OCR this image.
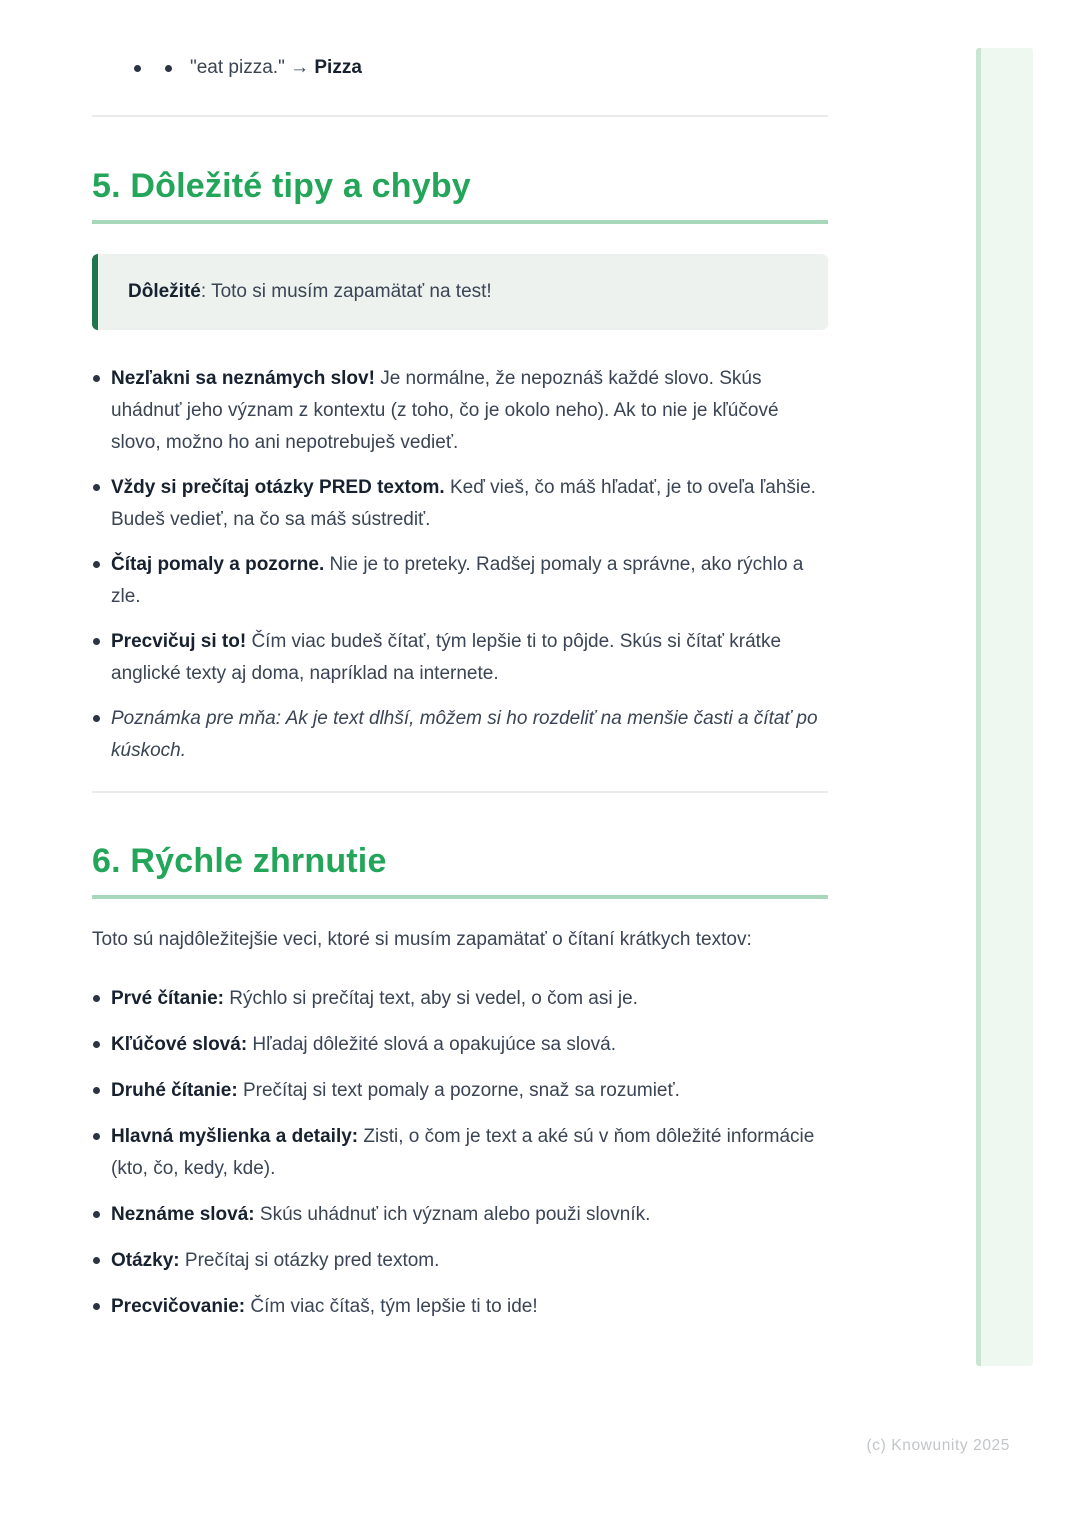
"eat pizza." → Pizza
5. Dôležité tipy a chyby
Dôležité: Toto si musím zapamätať na test!
Nezľakni sa neznámych slov! Je normálne, že nepoznáš každé slovo. Skús uhádnuť jeho význam z kontextu (z toho, čo je okolo neho). Ak to nie je kľúčové slovo, možno ho ani nepotrebuješ vedieť.
Vždy si prečítaj otázky PRED textom. Keď vieš, čo máš hľadať, je to oveľa ľahšie. Budeš vedieť, na čo sa máš sústrediť.
Čítaj pomaly a pozorne. Nie je to preteky. Radšej pomaly a správne, ako rýchlo a zle.
Precvičuj si to! Čím viac budeš čítať, tým lepšie ti to pôjde. Skús si čítať krátke anglické texty aj doma, napríklad na internete.
Poznámka pre mňa: Ak je text dlhší, môžem si ho rozdeliť na menšie časti a čítať po kúskoch.
6. Rýchle zhrnutie

Toto sú najdôležitejšie veci, ktoré si musím zapamätať o čítaní krátkych textov:

Prvé čítanie: Rýchlo si prečítaj text, aby si vedel, o čom asi je.
Kľúčové slová: Hľadaj dôležité slová a opakujúce sa slová.
Druhé čítanie: Prečítaj si text pomaly a pozorne, snaž sa rozumieť.
Hlavná myšlienka a detaily: Zisti, o čom je text a aké sú v ňom dôležité informácie (kto, čo, kedy, kde).
Neznáme slová: Skús uhádnuť ich význam alebo použi slovník.
Otázky: Prečítaj si otázky pred textom.
Precvičovanie: Čím viac čítaš, tým lepšie ti to ide!
(c) Knowunity 2025
